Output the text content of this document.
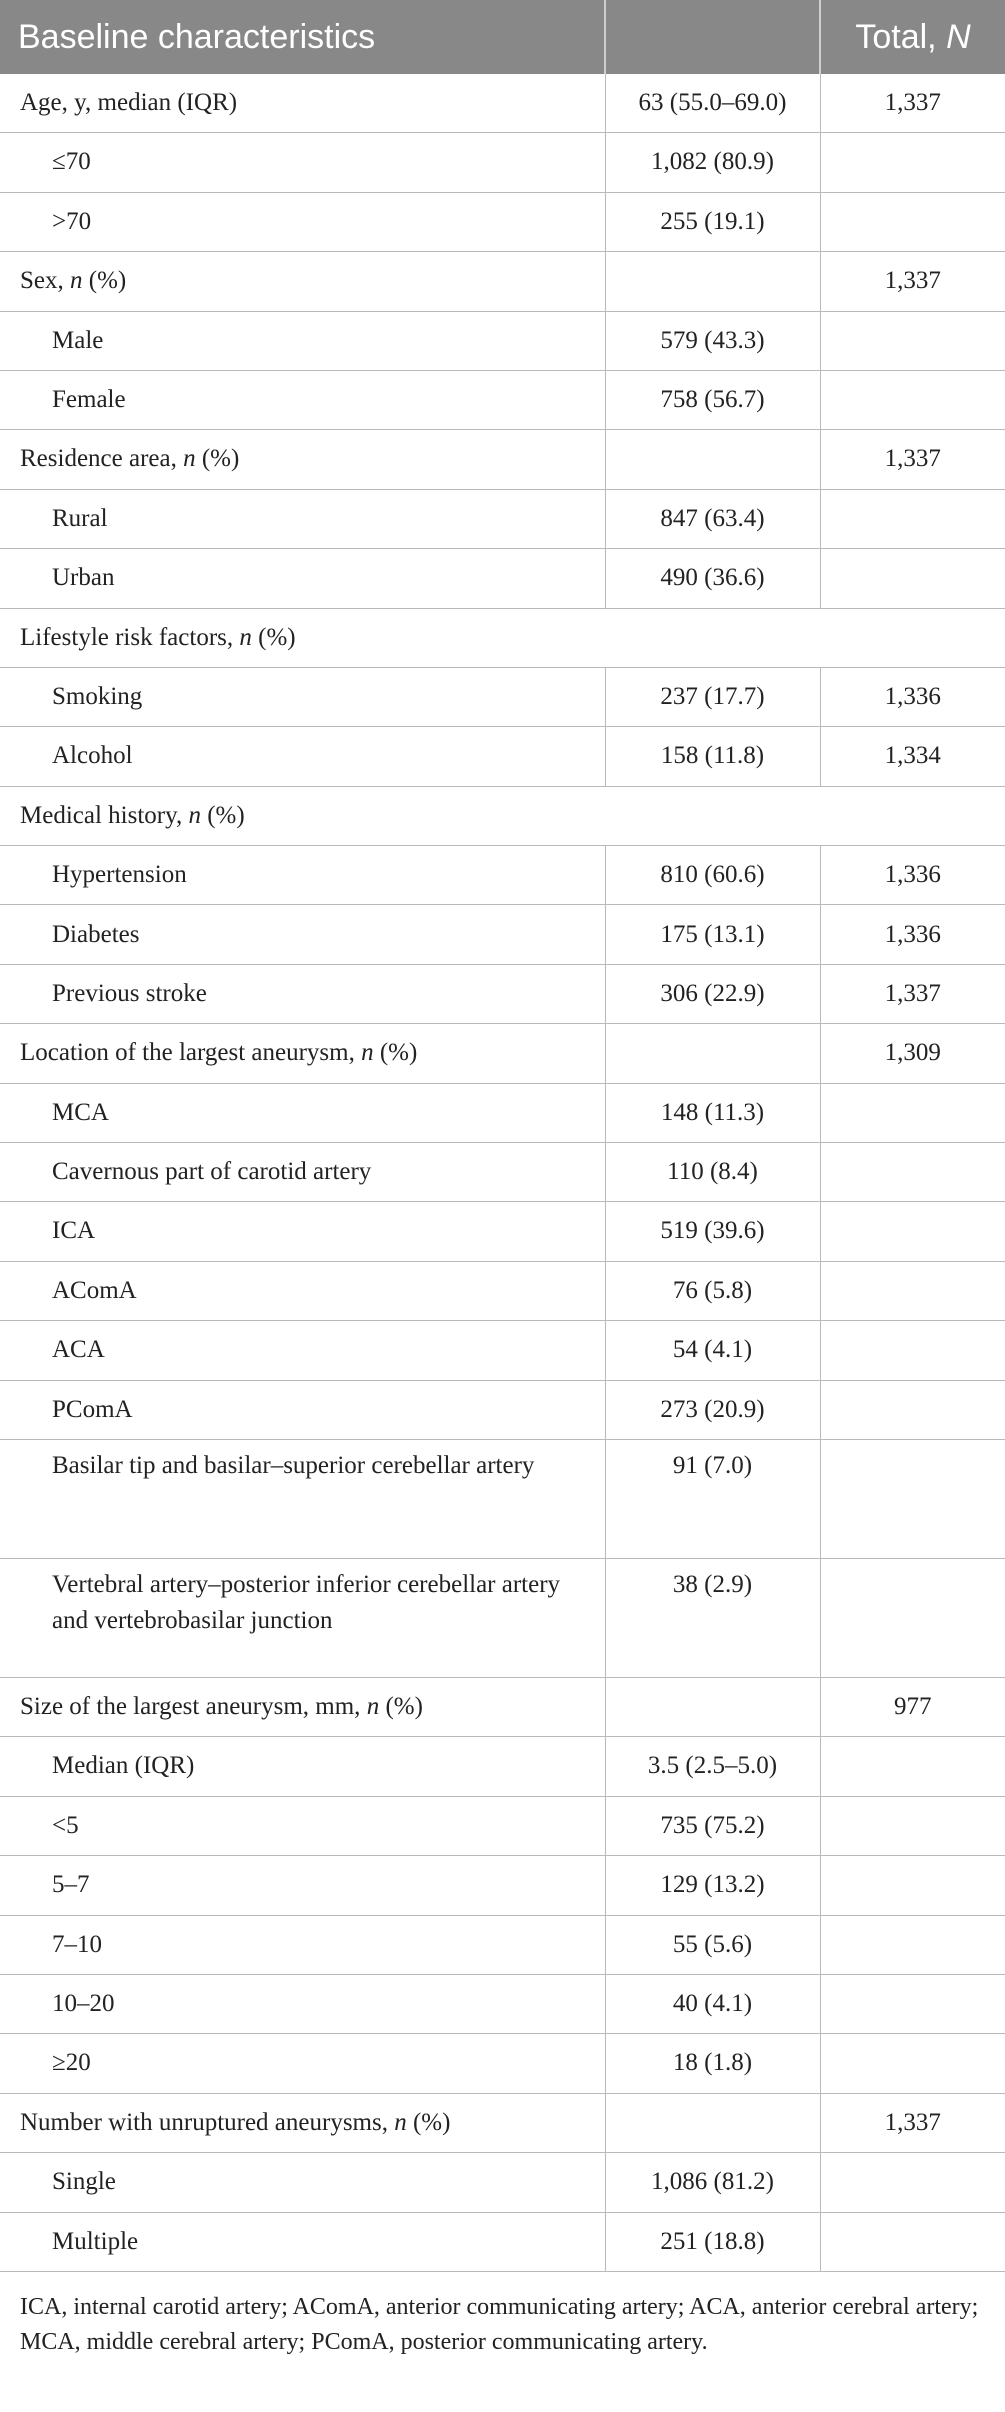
Baseline characteristics		Total, N
Age, y, median (IQR)	63 (55.0–69.0)	1,337
≤70	1,082 (80.9)	
>70	255 (19.1)	
Sex, n (%)		1,337
Male	579 (43.3)	
Female	758 (56.7)	
Residence area, n (%)		1,337
Rural	847 (63.4)	
Urban	490 (36.6)	
Lifestyle risk factors, n (%)		
Smoking	237 (17.7)	1,336
Alcohol	158 (11.8)	1,334
Medical history, n (%)		
Hypertension	810 (60.6)	1,336
Diabetes	175 (13.1)	1,336
Previous stroke	306 (22.9)	1,337
Location of the largest aneurysm, n (%)		1,309
MCA	148 (11.3)	
Cavernous part of carotid artery	110 (8.4)	
ICA	519 (39.6)	
AComA	76 (5.8)	
ACA	54 (4.1)	
PComA	273 (20.9)	
Basilar tip and basilar–superior cerebellar artery	91 (7.0)	
Vertebral artery–posterior inferior cerebellar artery and vertebrobasilar junction	38 (2.9)	
Size of the largest aneurysm, mm, n (%)		977
Median (IQR)	3.5 (2.5–5.0)	
<5	735 (75.2)	
5–7	129 (13.2)	
7–10	55 (5.6)	
10–20	40 (4.1)	
≥20	18 (1.8)	
Number with unruptured aneurysms, n (%)		1,337
Single	1,086 (81.2)	
Multiple	251 (18.8)	
ICA, internal carotid artery; AComA, anterior communicating artery; ACA, anterior cerebral artery; MCA, middle cerebral artery; PComA, posterior communicating artery.
